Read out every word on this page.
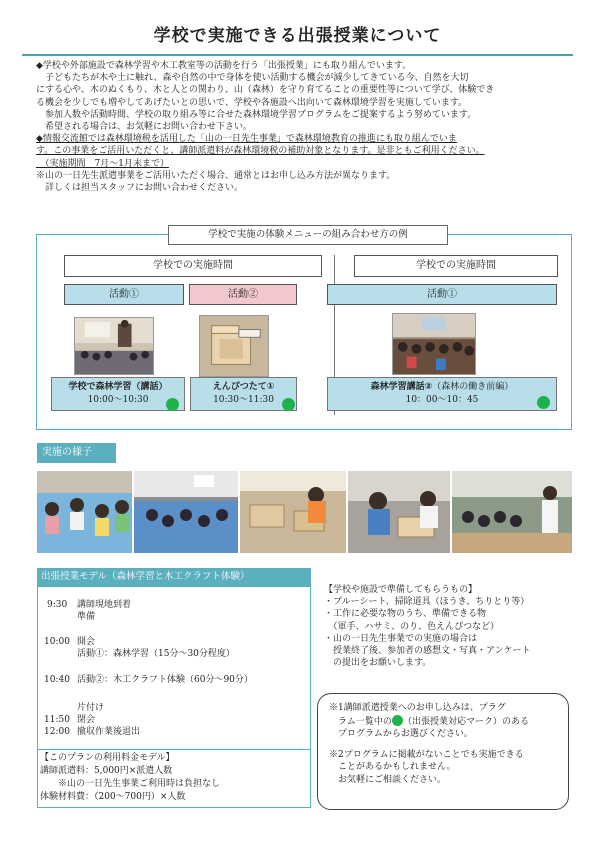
学校で実施できる出張授業について

◆学校や外部施設で森林学習や木工教室等の活動を行う「出張授業」にも取り組んでいます。

　子どもたちが木や土に触れ、森や自然の中で身体を使い活動する機会が減少してきている今、自然を大切

にする心や、木のぬくもり、木と人との関わり、山（森林）を守り育てることの重要性等について学び、体験でき

る機会を少しでも増やしてあげたいとの思いで、学校や各施設へ出向いて森林環境学習を実施しています。

　参加人数や活動時間、学校の取り組み等に合せた森林環境学習プログラムをご提案するよう努めています。

　希望される場合は、お気軽にお問い合わせ下さい。

◆情報交流館では森林環境税を活用した「山の一日先生事業」で森林環境教育の推進にも取り組んでいま

す。この事業をご活用いただくと、講師派遣料が森林環境税の補助対象となります。是非ともご利用ください。

　（実施期間　7月～1月末まで）

※山の一日先生派遣事業をご活用いただく場合、通常とはお申し込み方法が異なります。

　詳しくは担当スタッフにお問い合わせください。

学校で実施の体験メニューの組み合わせ方の例
学校での実施時間
活動①	活動②
学校で森林学習（講話）
10:00〜10:30
えんぴつたて①
10:30〜11:30
学校での実施時間
活動①
森林学習講話②（森林の働き前編）
10：00〜10：45
実施の様子
出張授業モデル（森林学習と木工クラフト体験）
9:30 講師現地到着
準備
10:00 開会
活動①：森林学習（15分〜30分程度）
10:40 活動②：木工クラフト体験（60分〜90分）
片付け
11:50 閉会
12:00 撤収作業後退出
【このプランの利用料金モデル】
講師派遣料：5,000円×派遣人数
　　※山の一日先生事業ご利用時は負担なし
体験材料費：（200〜700円）×人数

【学校や施設で準備してもらうもの】

・ブルーシート、掃除道具（ほうき、ちりとり等）

・工作に必要な物のうち、準備できる物

　（軍手、ハサミ、のり、色えんぴつなど）

・山の一日先生事業での実施の場合は

　授業終了後、参加者の感想文・写真・アンケート

　の提出をお願いします。

※1講師派遣授業へのお申し込みは、プラグ

　ラム一覧中の （出張授業対応マーク）のある

プログラムからお選びください。

※2プログラムに掲載がないことでも実施できる

　ことがあるかもしれません。

　お気軽にご相談ください。
